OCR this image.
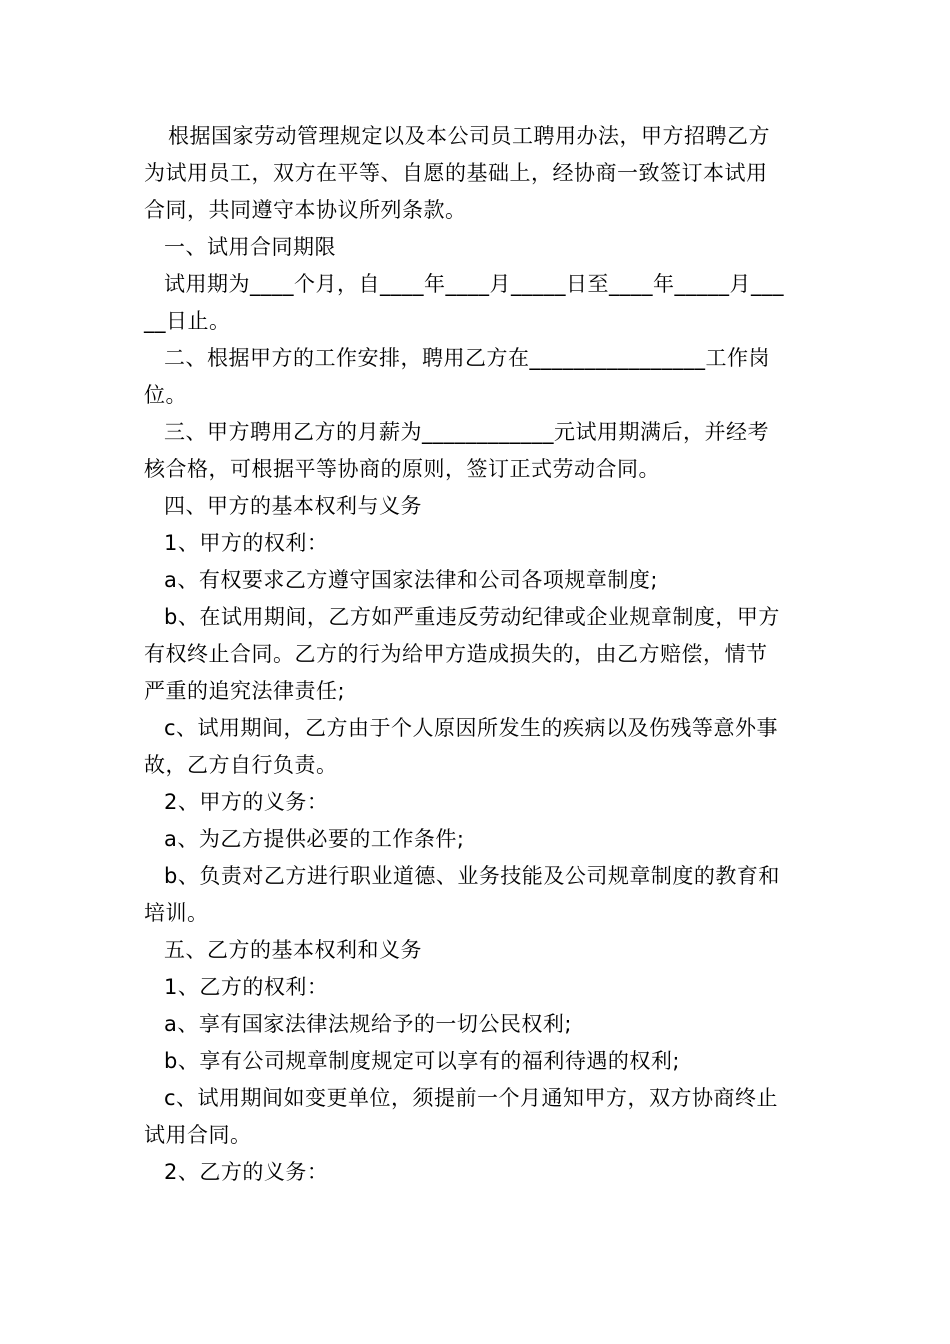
根据国家劳动管理规定以及本公司员工聘用办法，甲方招聘乙方
为试用员工，双方在平等、自愿的基础上，经协商一致签订本试用
合同，共同遵守本协议所列条款。
一、试用合同期限
试用期为____个月，自____年____月_____日至____年_____月___
__日止。
二、根据甲方的工作安排，聘用乙方在________________工作岗
位。
三、甲方聘用乙方的月薪为____________元试用期满后，并经考
核合格，可根据平等协商的原则，签订正式劳动合同。
四、甲方的基本权利与义务
1、甲方的权利：
a、有权要求乙方遵守国家法律和公司各项规章制度;
b、在试用期间，乙方如严重违反劳动纪律或企业规章制度，甲方
有权终止合同。乙方的行为给甲方造成损失的，由乙方赔偿，情节
严重的追究法律责任;
c、试用期间，乙方由于个人原因所发生的疾病以及伤残等意外事
故，乙方自行负责。
2、甲方的义务：
a、为乙方提供必要的工作条件;
b、负责对乙方进行职业道德、业务技能及公司规章制度的教育和
培训。
五、乙方的基本权利和义务
1、乙方的权利：
a、享有国家法律法规给予的一切公民权利;
b、享有公司规章制度规定可以享有的福利待遇的权利;
c、试用期间如变更单位，须提前一个月通知甲方，双方协商终止
试用合同。
2、乙方的义务：
